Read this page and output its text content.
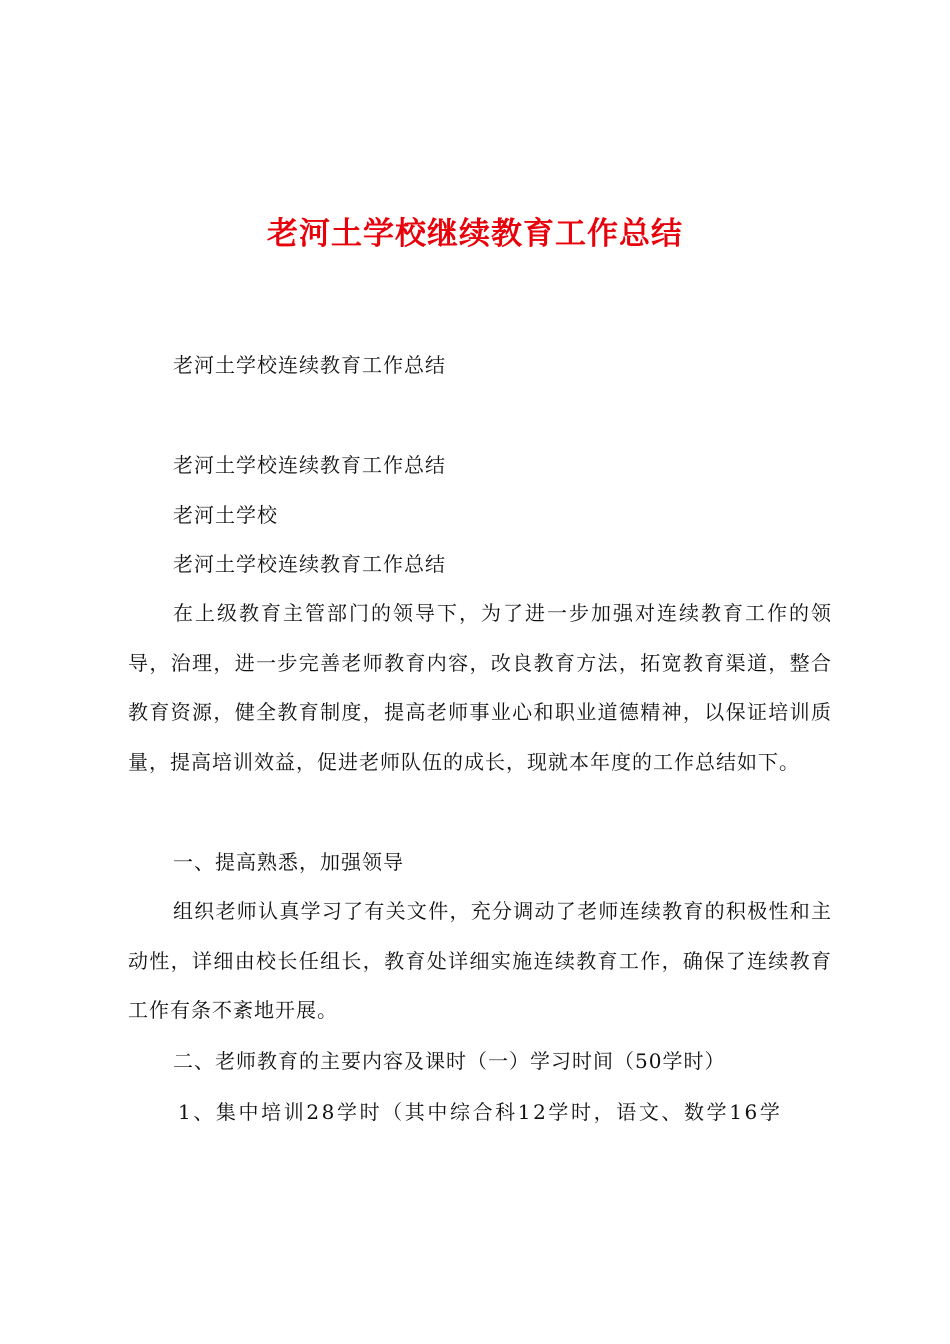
老河土学校继续教育工作总结
老河土学校连续教育工作总结
老河土学校连续教育工作总结
老河土学校
老河土学校连续教育工作总结
在上级教育主管部门的领导下，为了进一步加强对连续教育工作的领导，治理，进一步完善老师教育内容，改良教育方法，拓宽教育渠道，整合教育资源，健全教育制度，提高老师事业心和职业道德精神，以保证培训质量，提高培训效益，促进老师队伍的成长，现就本年度的工作总结如下。
一、提高熟悉，加强领导
组织老师认真学习了有关文件，充分调动了老师连续教育的积极性和主动性，详细由校长任组长，教育处详细实施连续教育工作，确保了连续教育工作有条不紊地开展。
二、老师教育的主要内容及课时（一）学习时间（50学时）
1、集中培训28学时（其中综合科12学时，语文、数学16学
